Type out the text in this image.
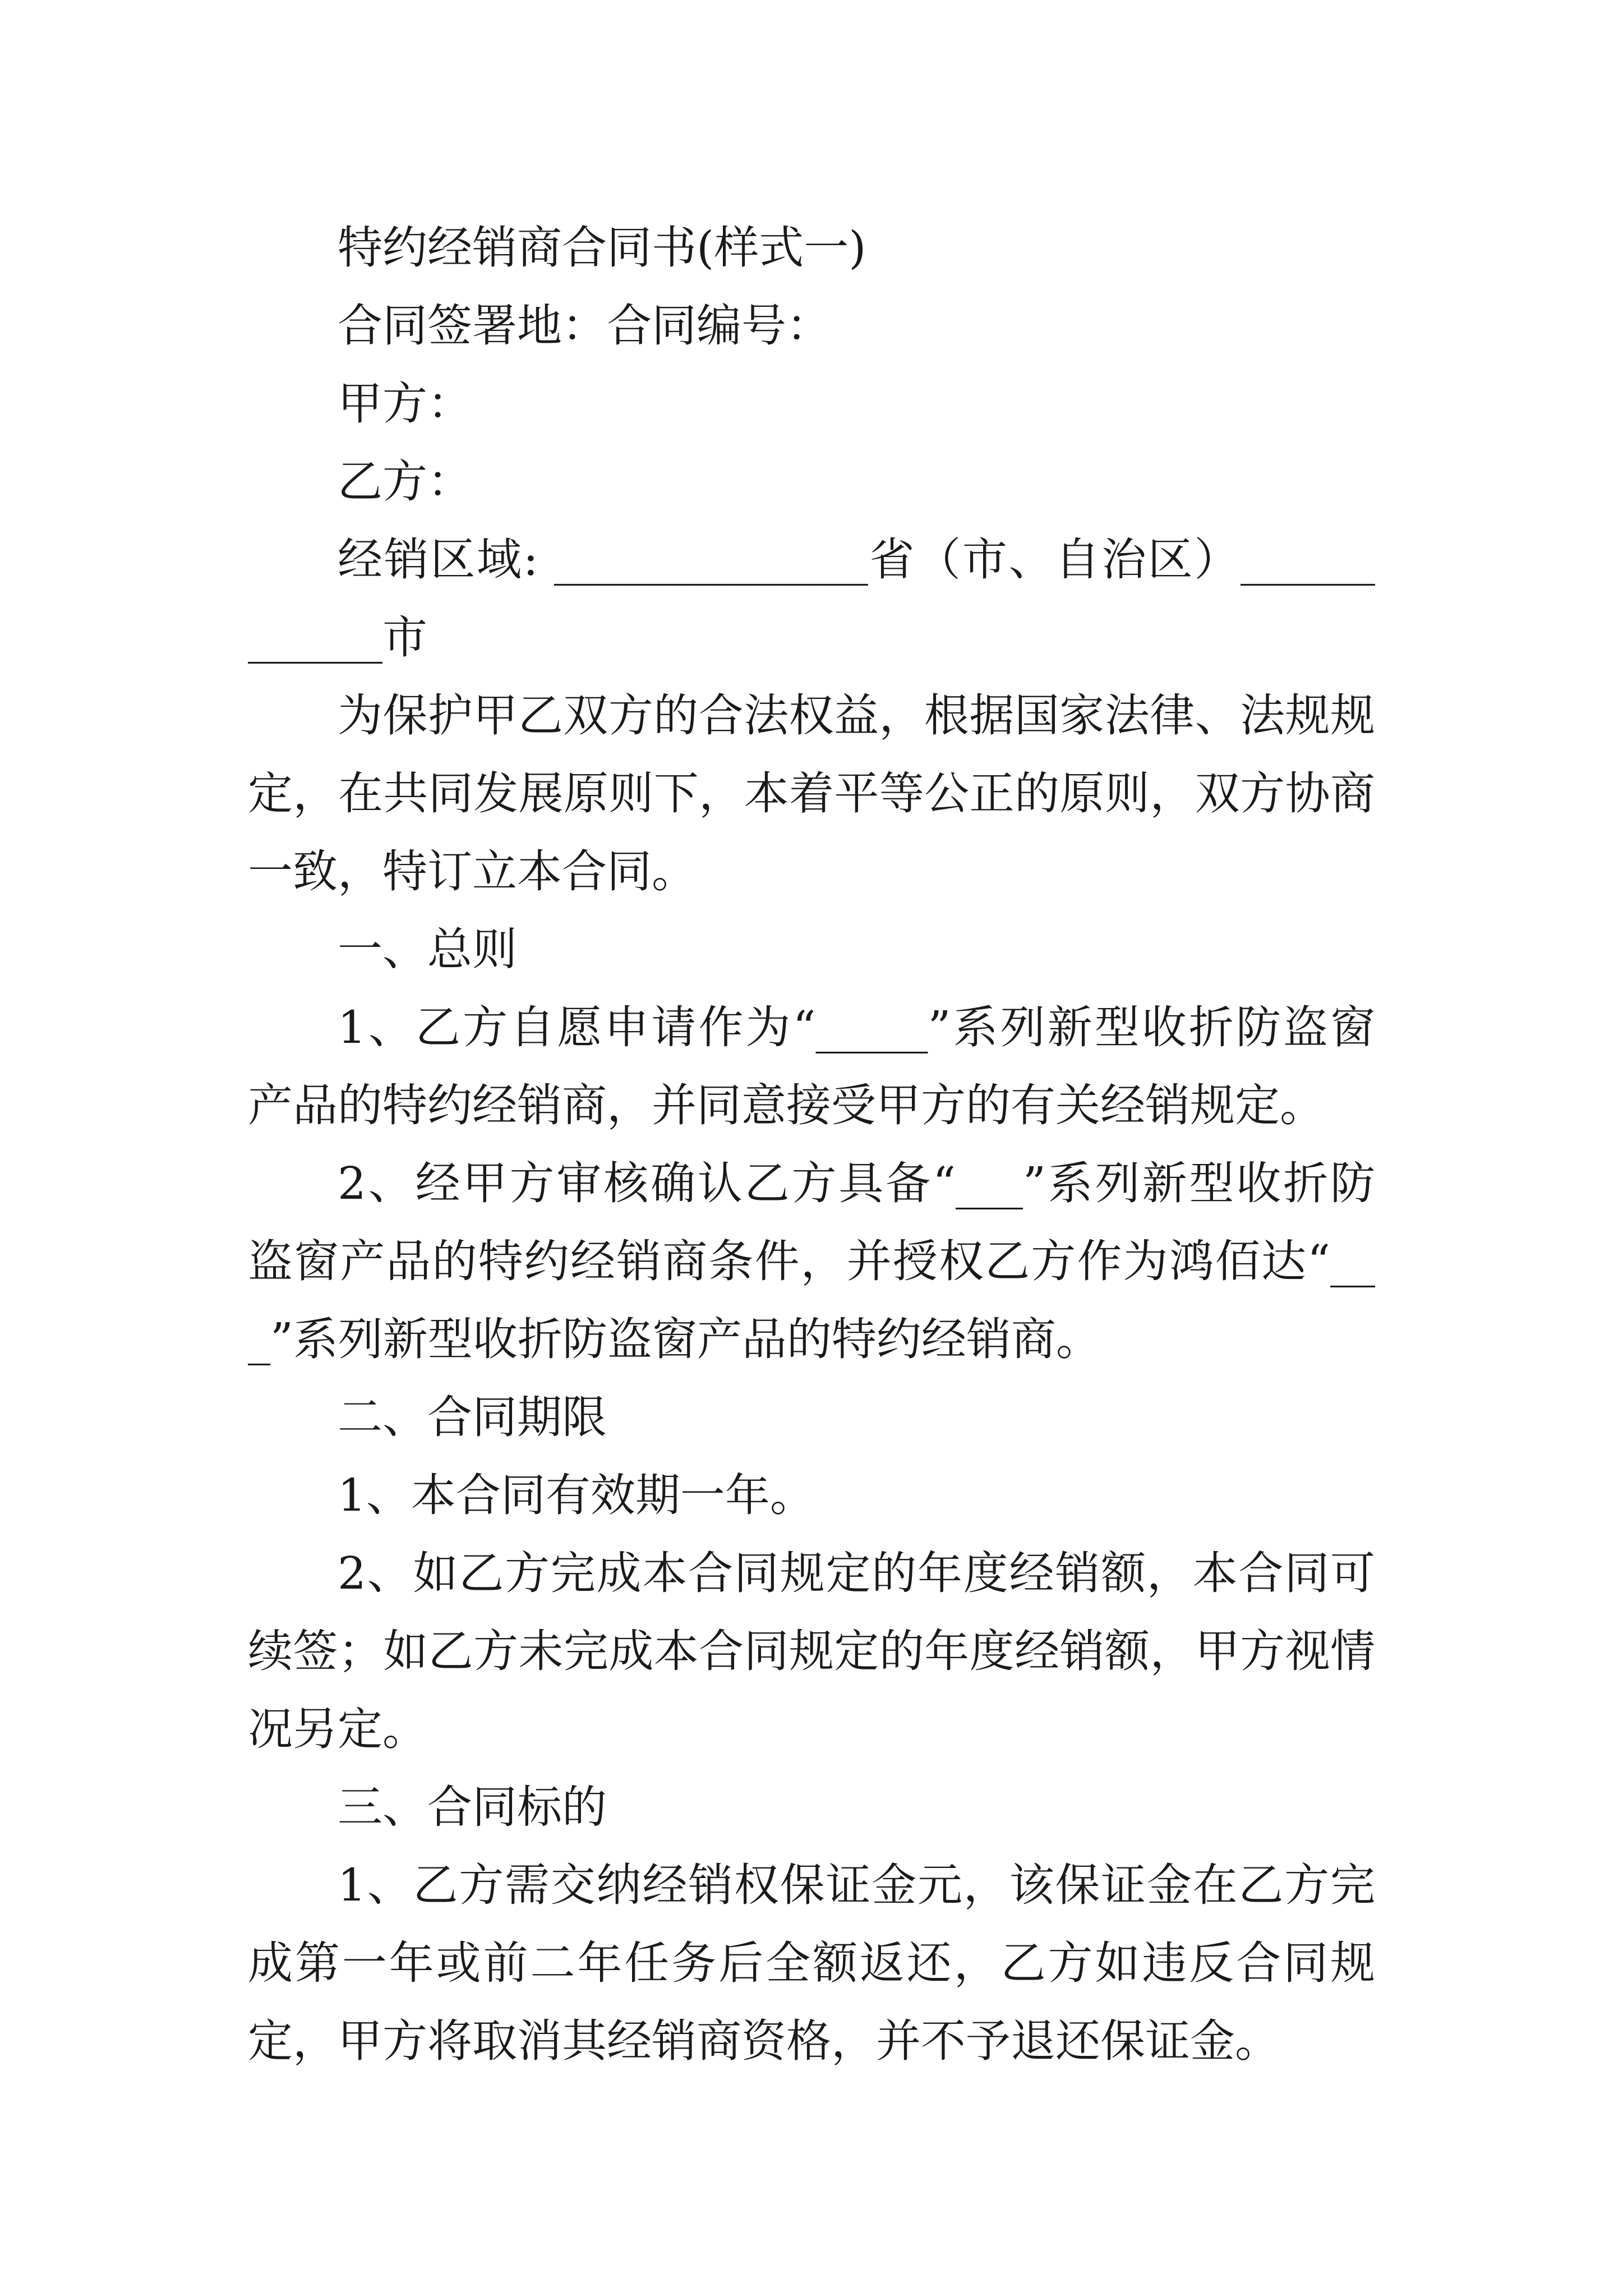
特约经销商合同书(样式一)

合同签署地：合同编号：

甲方：

乙方：

经销区域: ______________省（市、自治区）____________市

为保护甲乙双方的合法权益，根据国家法律、法规规定，在共同发展原则下，本着平等公正的原则，双方协商一致，特订立本合同。

一、总则

1、乙方自愿申请作为“_____”系列新型收折防盗窗产品的特约经销商，并同意接受甲方的有关经销规定。

2、经甲方审核确认乙方具备“___”系列新型收折防盗窗产品的特约经销商条件，并授权乙方作为鸿佰达“___”系列新型收折防盗窗产品的特约经销商。

二、合同期限

1、本合同有效期一年。

2、如乙方完成本合同规定的年度经销额，本合同可续签；如乙方未完成本合同规定的年度经销额，甲方视情况另定。

三、合同标的

1、乙方需交纳经销权保证金元，该保证金在乙方完成第一年或前二年任务后全额返还，乙方如违反合同规定，甲方将取消其经销商资格，并不予退还保证金。
